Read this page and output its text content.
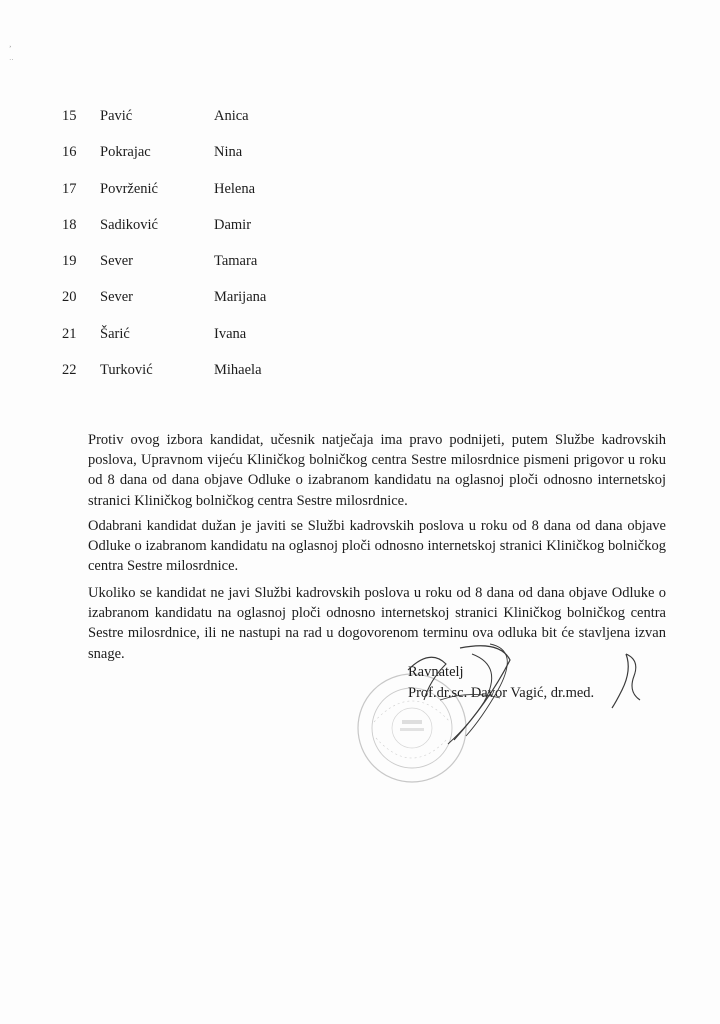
¸
˙˙
15 Pavić	Anica
16 Pokrajac	Nina
17 Povrženić	Helena
18 Sadiković	Damir
19 Sever	Tamara
20 Sever	Marijana
21 Šarić	Ivana
22 Turković	Mihaela

Protiv ovog izbora kandidat, učesnik natječaja ima pravo podnijeti, putem Službe kadrovskih poslova, Upravnom vijeću Kliničkog bolničkog centra Sestre milosrdnice pismeni prigovor u roku od 8 dana od dana objave Odluke o izabranom kandidatu na oglasnoj ploči odnosno internetskoj stranici Kliničkog bolničkog centra Sestre milosrdnice.

Odabrani kandidat dužan je javiti se Službi kadrovskih poslova u roku od 8 dana od dana objave Odluke o izabranom kandidatu na oglasnoj ploči odnosno internetskoj stranici Kliničkog bolničkog centra Sestre milosrdnice.

Ukoliko se kandidat ne javi Službi kadrovskih poslova u roku od 8 dana od dana objave Odluke o izabranom kandidatu na oglasnoj ploči odnosno internetskoj stranici Kliničkog bolničkog centra Sestre milosrdnice, ili ne nastupi na rad u dogovorenom terminu ova odluka bit će stavljena izvan snage.

Ravnatelj
Prof.dr.sc. Davor Vagić, dr.med.
